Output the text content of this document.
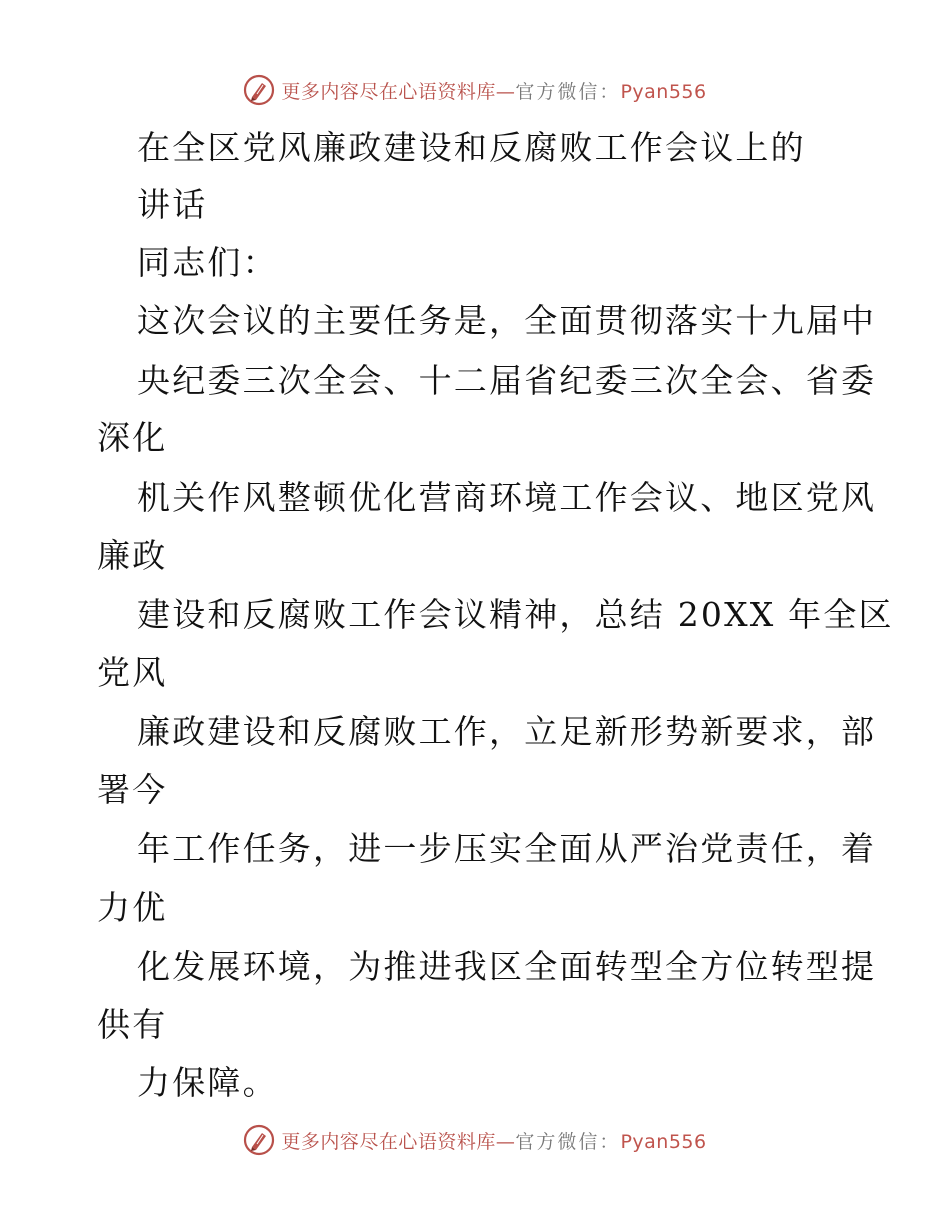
更多内容尽在心语资料库—官方微信：Pyan556
在全区党风廉政建设和反腐败工作会议上的
讲话
同志们：
这次会议的主要任务是，全面贯彻落实十九届中
央纪委三次全会、十二届省纪委三次全会、省委
深化
机关作风整顿优化营商环境工作会议、地区党风
廉政
建设和反腐败工作会议精神，总结 20XX 年全区
党风
廉政建设和反腐败工作，立足新形势新要求，部
署今
年工作任务，进一步压实全面从严治党责任，着
力优
化发展环境，为推进我区全面转型全方位转型提
供有
力保障。
更多内容尽在心语资料库—官方微信：Pyan556
